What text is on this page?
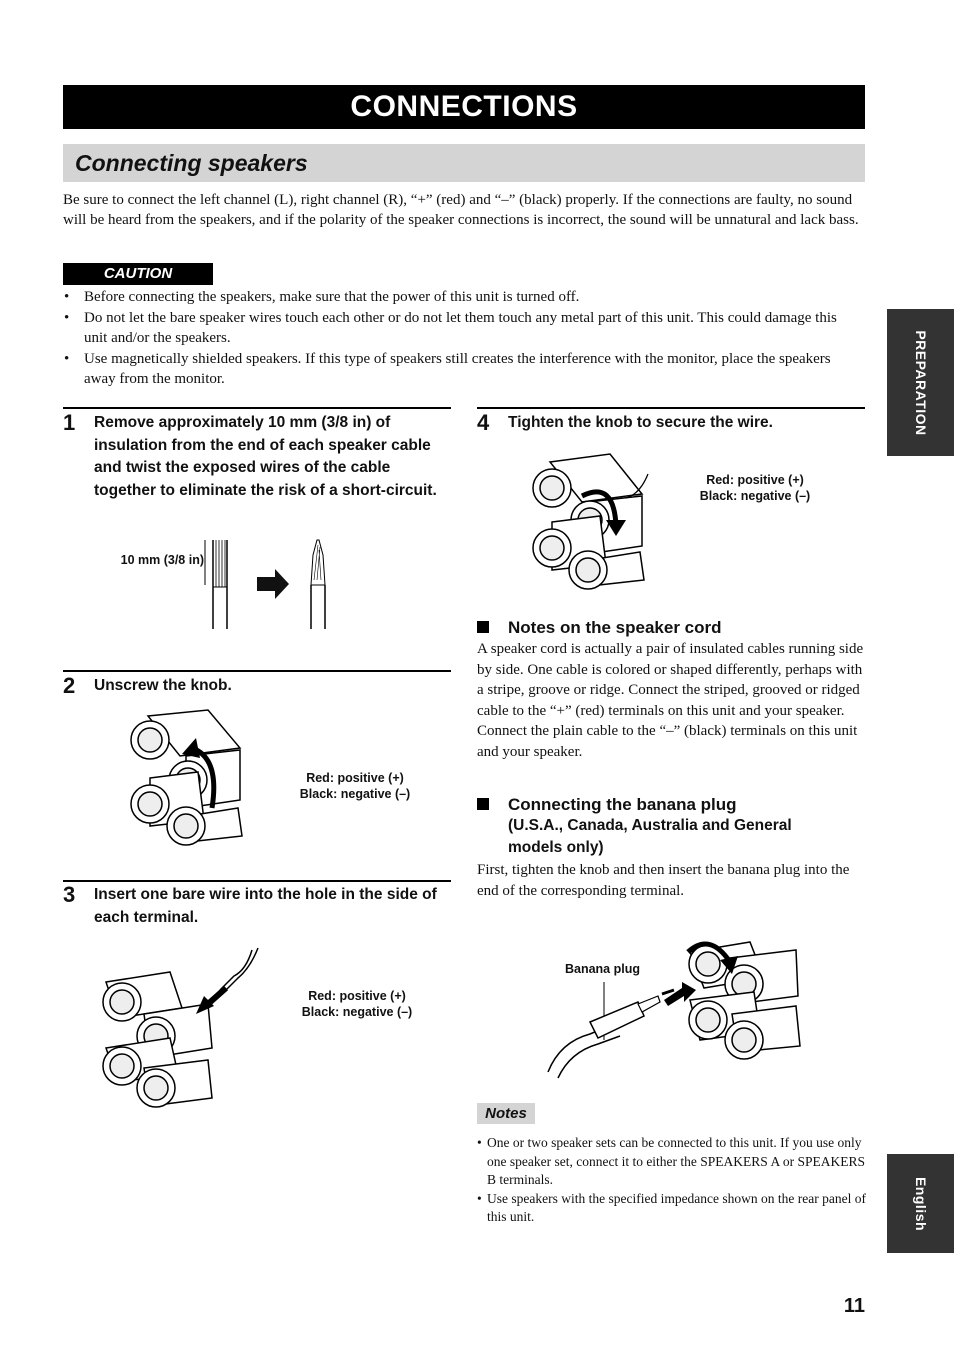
CONNECTIONS
Connecting speakers
Be sure to connect the left channel (L), right channel (R), “+” (red) and “–” (black) properly. If the connections are faulty, no sound will be heard from the speakers, and if the polarity of the speaker connections is incorrect, the sound will be unnatural and lack bass.
CAUTION
• Before connecting the speakers, make sure that the power of this unit is turned off.
• Do not let the bare speaker wires touch each other or do not let them touch any metal part of this unit. This could damage this unit and/or the speakers.
• Use magnetically shielded speakers. If this type of speakers still creates the interference with the monitor, place the speakers away from the monitor.	PREPARATION
English
1 Remove approximately 10 mm (3/8 in) of insulation from the end of each speaker cable and twist the exposed wires of the cable together to eliminate the risk of a short-circuit.
10 mm (3/8 in)
2 Unscrew the knob.
Red: positive (+)
Black: negative (–)
3 Insert one bare wire into the hole in the side of each terminal.
Red: positive (+)
Black: negative (–)
4 Tighten the knob to secure the wire.
Red: positive (+)
Black: negative (–)
Notes on the speaker cord
A speaker cord is actually a pair of insulated cables running side by side. One cable is colored or shaped differently, perhaps with a stripe, groove or ridge. Connect the striped, grooved or ridged cable to the “+” (red) terminals on this unit and your speaker. Connect the plain cable to the “–” (black) terminals on this unit and your speaker.
Connecting the banana plug
(U.S.A., Canada, Australia and General models only)
First, tighten the knob and then insert the banana plug into the end of the corresponding terminal.
Banana plug
Notes
• One or two speaker sets can be connected to this unit. If you use only one speaker set, connect it to either the SPEAKERS A or SPEAKERS B terminals.
• Use speakers with the specified impedance shown on the rear panel of this unit.
11
